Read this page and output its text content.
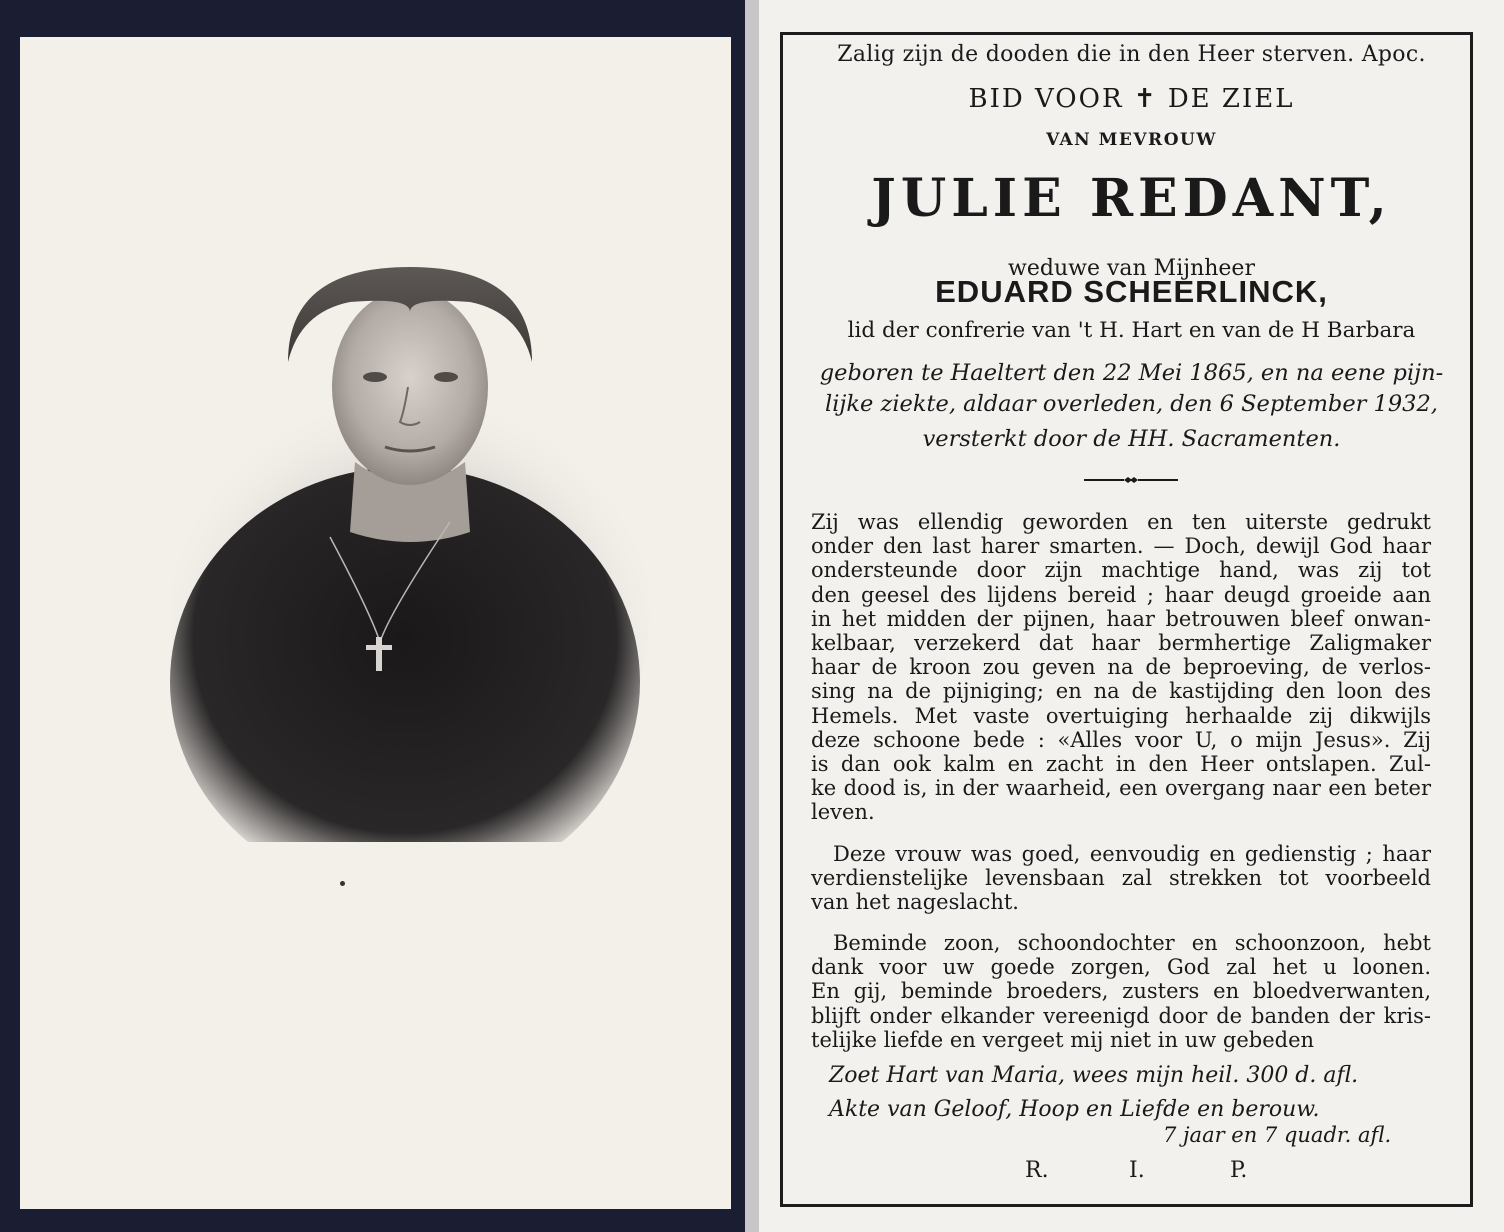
Zalig zijn de dooden die in den Heer sterven. Apoc.
BID VOOR ✝ DE ZIEL
VAN MEVROUW
JULIE REDANT,
weduwe van Mijnheer
EDUARD SCHEERLINCK,
lid der confrerie van 't H. Hart en van de H Barbara
geboren te Haeltert den 22 Mei 1865, en na eene pijn-
lijke ziekte, aldaar overleden, den 6 September 1932,
versterkt door de HH. Sacramenten.
Zij was ellendig geworden en ten uiterste gedrukt
onder den last harer smarten. — Doch, dewijl God haar
ondersteunde door zijn machtige hand, was zij tot
den geesel des lijdens bereid ; haar deugd groeide aan
in het midden der pijnen, haar betrouwen bleef onwan-
kelbaar, verzekerd dat haar bermhertige Zaligmaker
haar de kroon zou geven na de beproeving, de verlos-
sing na de pijniging; en na de kastijding den loon des
Hemels. Met vaste overtuiging herhaalde zij dikwijls
deze schoone bede : «Alles voor U, o mijn Jesus». Zij
is dan ook kalm en zacht in den Heer ontslapen. Zul-
ke dood is, in der waarheid, een overgang naar een beter
leven.
Deze vrouw was goed, eenvoudig en gedienstig ; haar
verdienstelijke levensbaan zal strekken tot voorbeeld
van het nageslacht.
Beminde zoon, schoondochter en schoonzoon, hebt
dank voor uw goede zorgen, God zal het u loonen.
En gij, beminde broeders, zusters en bloedverwanten,
blijft onder elkander vereenigd door de banden der kris-
telijke liefde en vergeet mij niet in uw gebeden
Zoet Hart van Maria, wees mijn heil. 300 d. afl.
Akte van Geloof, Hoop en Liefde en berouw.
7 jaar en 7 quadr. afl.
R.	I.	P.
